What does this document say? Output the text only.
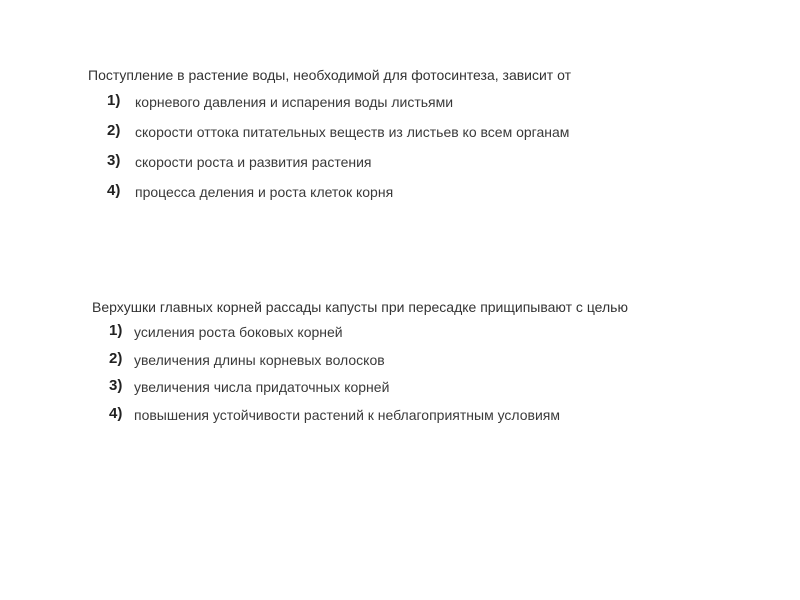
Поступление в растение воды, необходимой для фотосинтеза, зависит от
1) корневого давления и испарения воды листьями
2) скорости оттока питательных веществ из листьев ко всем органам
3) скорости роста и развития растения
4) процесса деления и роста клеток корня
Верхушки главных корней рассады капусты при пересадке прищипывают с целью
1) усиления роста боковых корней
2) увеличения длины корневых волосков
3) увеличения числа придаточных корней
4) повышения устойчивости растений к неблагоприятным условиям
